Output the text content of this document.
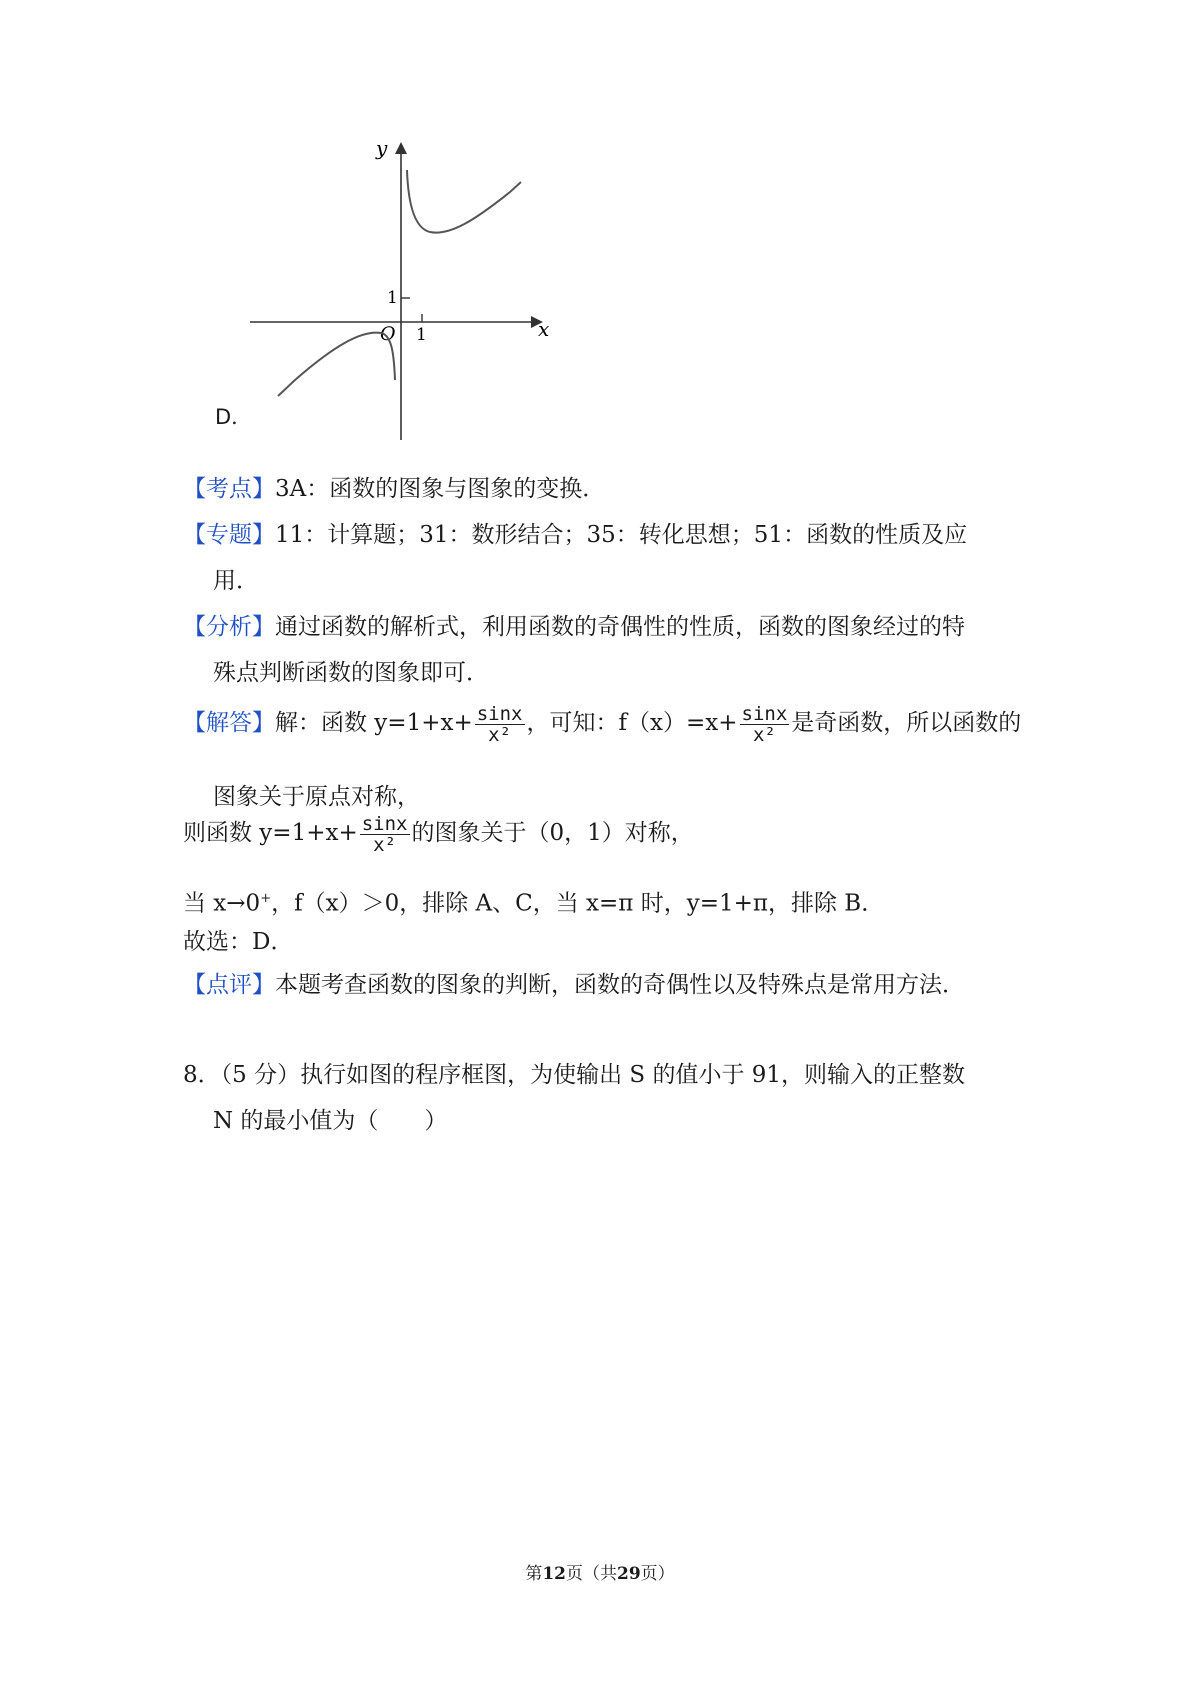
y
x
O 1
1
D．
【考点】3A：函数的图象与图象的变换．
【专题】11：计算题；31：数形结合；35：转化思想；51：函数的性质及应
用．
【分析】通过函数的解析式，利用函数的奇偶性的性质，函数的图象经过的特
殊点判断函数的图象即可．
【解答】解：函数 $y=1+x+ \frac{\sin x}{\text{x²}}$ ，可知：$f(x)=x+ \frac{\sin x}{\text{x²}}$ 是奇函数，所以函数的
图象关于原点对称，
则函数 $y=1+x+ \frac{\sin x}{\text{x²}}$ 的图象关于（0，1）对称，
当 x→0+，f（x）＞0，排除 A、C，当 x=π 时，y=1+π，排除 B．
故选：D．
【点评】本题考查函数的图象的判断，函数的奇偶性以及特殊点是常用方法．
8．（5 分）执行如图的程序框图，为使输出 S 的值小于 91，则输入的正整数
N 的最小值为（　　）
第12页（共29页）
